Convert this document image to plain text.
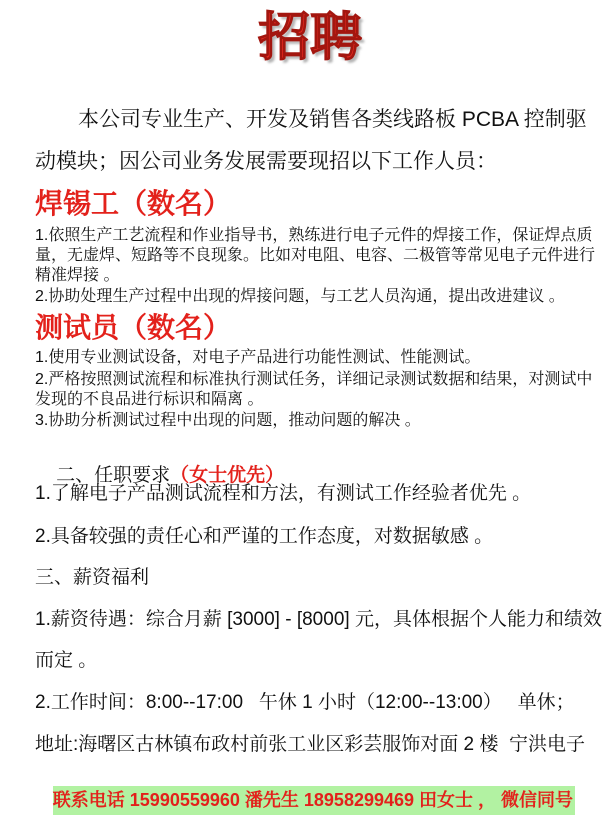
招聘
本公司专业生产、开发及销售各类线路板 PCBA 控制驱
动模块；因公司业务发展需要现招以下工作人员：
焊锡工（数名）
1.依照生产工艺流程和作业指导书，熟练进行电子元件的焊接工作，保证焊点质
量，无虚焊、短路等不良现象。比如对电阻、电容、二极管等常见电子元件进行
精准焊接 。
2.协助处理生产过程中出现的焊接问题，与工艺人员沟通，提出改进建议 。
测试员（数名）
1.使用专业测试设备，对电子产品进行功能性测试、性能测试。
2.严格按照测试流程和标准执行测试任务，详细记录测试数据和结果，对测试中
发现的不良品进行标识和隔离 。
3.协助分析测试过程中出现的问题，推动问题的解决 。

二、任职要求（女士优先）

1.了解电子产品测试流程和方法，有测试工作经验者优先 。
2.具备较强的责任心和严谨的工作态度，对数据敏感 。
三、薪资福利
1.薪资待遇：综合月薪 [3000] - [8000] 元，具体根据个人能力和绩效
而定 。
2.工作时间：8:00--17:00   午休 1 小时（12:00--13:00）   单休；
地址:海曙区古林镇布政村前张工业区彩芸服饰对面 2 楼  宁洪电子

联系电话 15990559960 潘先生 18958299469 田女士 ， 微信同号
